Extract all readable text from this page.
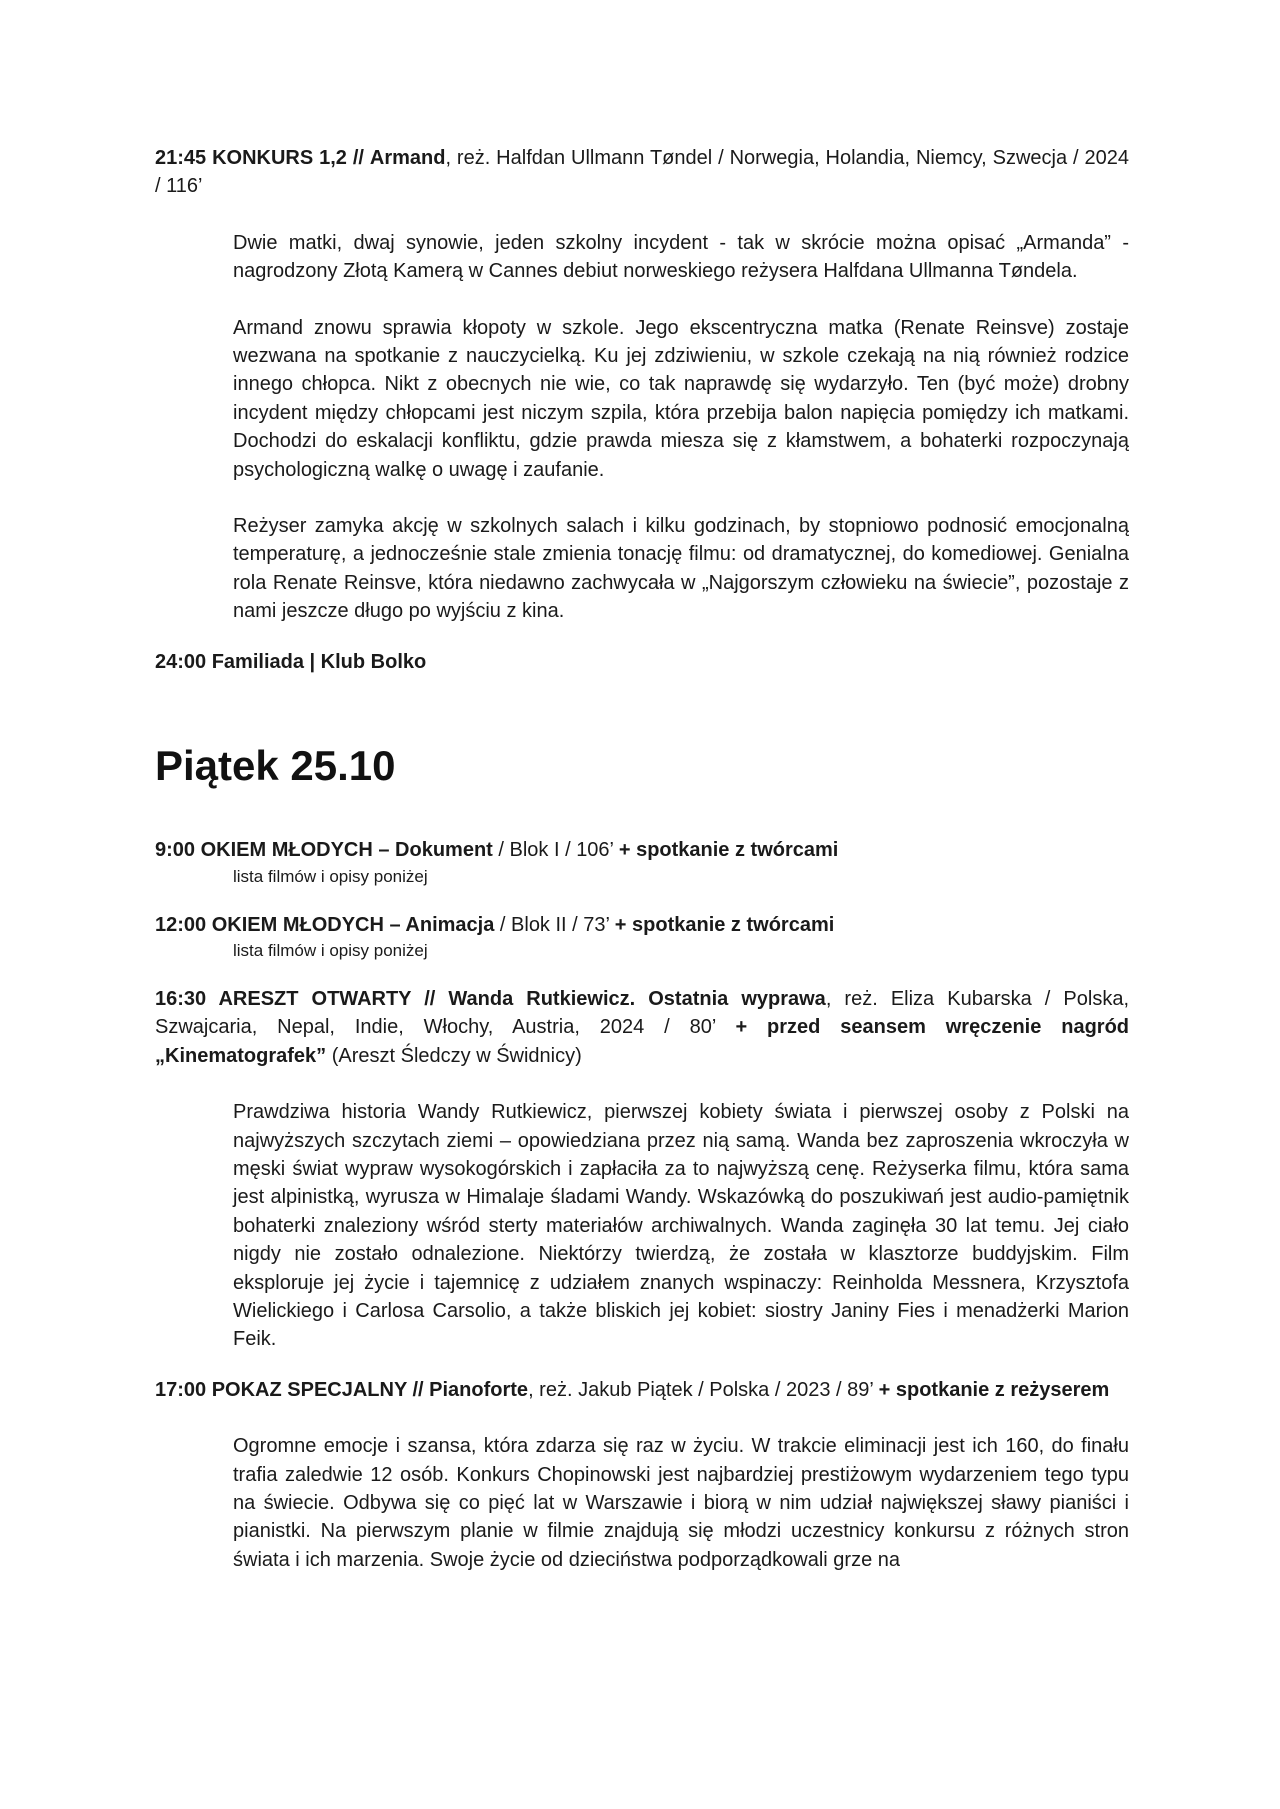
21:45 KONKURS 1,2 // Armand, reż. Halfdan Ullmann Tøndel / Norwegia, Holandia, Niemcy, Szwecja / 2024 / 116’

Dwie matki, dwaj synowie, jeden szkolny incydent - tak w skrócie można opisać „Armanda” - nagrodzony Złotą Kamerą w Cannes debiut norweskiego reżysera Halfdana Ullmanna Tøndela.

Armand znowu sprawia kłopoty w szkole. Jego ekscentryczna matka (Renate Reinsve) zostaje wezwana na spotkanie z nauczycielką. Ku jej zdziwieniu, w szkole czekają na nią również rodzice innego chłopca. Nikt z obecnych nie wie, co tak naprawdę się wydarzyło. Ten (być może) drobny incydent między chłopcami jest niczym szpila, która przebija balon napięcia pomiędzy ich matkami. Dochodzi do eskalacji konfliktu, gdzie prawda miesza się z kłamstwem, a bohaterki rozpoczynają psychologiczną walkę o uwagę i zaufanie.

Reżyser zamyka akcję w szkolnych salach i kilku godzinach, by stopniowo podnosić emocjonalną temperaturę, a jednocześnie stale zmienia tonację filmu: od dramatycznej, do komediowej. Genialna rola Renate Reinsve, która niedawno zachwycała w „Najgorszym człowieku na świecie”, pozostaje z nami jeszcze długo po wyjściu z kina.

24:00 Familiada | Klub Bolko

Piątek 25.10

9:00 OKIEM MŁODYCH – Dokument / Blok I / 106’ + spotkanie z twórcami

lista filmów i opisy poniżej

12:00 OKIEM MŁODYCH – Animacja / Blok II / 73’ + spotkanie z twórcami

lista filmów i opisy poniżej

16:30 ARESZT OTWARTY // Wanda Rutkiewicz. Ostatnia wyprawa, reż. Eliza Kubarska / Polska, Szwajcaria, Nepal, Indie, Włochy, Austria, 2024 / 80’ + przed seansem wręczenie nagród „Kinematografek” (Areszt Śledczy w Świdnicy)

Prawdziwa historia Wandy Rutkiewicz, pierwszej kobiety świata i pierwszej osoby z Polski na najwyższych szczytach ziemi – opowiedziana przez nią samą. Wanda bez zaproszenia wkroczyła w męski świat wypraw wysokogórskich i zapłaciła za to najwyższą cenę. Reżyserka filmu, która sama jest alpinistką, wyrusza w Himalaje śladami Wandy. Wskazówką do poszukiwań jest audio-pamiętnik bohaterki znaleziony wśród sterty materiałów archiwalnych. Wanda zaginęła 30 lat temu. Jej ciało nigdy nie zostało odnalezione. Niektórzy twierdzą, że została w klasztorze buddyjskim. Film eksploruje jej życie i tajemnicę z udziałem znanych wspinaczy: Reinholda Messnera, Krzysztofa Wielickiego i Carlosa Carsolio, a także bliskich jej kobiet: siostry Janiny Fies i menadżerki Marion Feik.

17:00 POKAZ SPECJALNY // Pianoforte, reż. Jakub Piątek / Polska / 2023 / 89’ + spotkanie z reżyserem

Ogromne emocje i szansa, która zdarza się raz w życiu. W trakcie eliminacji jest ich 160, do finału trafia zaledwie 12 osób. Konkurs Chopinowski jest najbardziej prestiżowym wydarzeniem tego typu na świecie. Odbywa się co pięć lat w Warszawie i biorą w nim udział największej sławy pianiści i pianistki. Na pierwszym planie w filmie znajdują się młodzi uczestnicy konkursu z różnych stron świata i ich marzenia. Swoje życie od dzieciństwa podporządkowali grze na
